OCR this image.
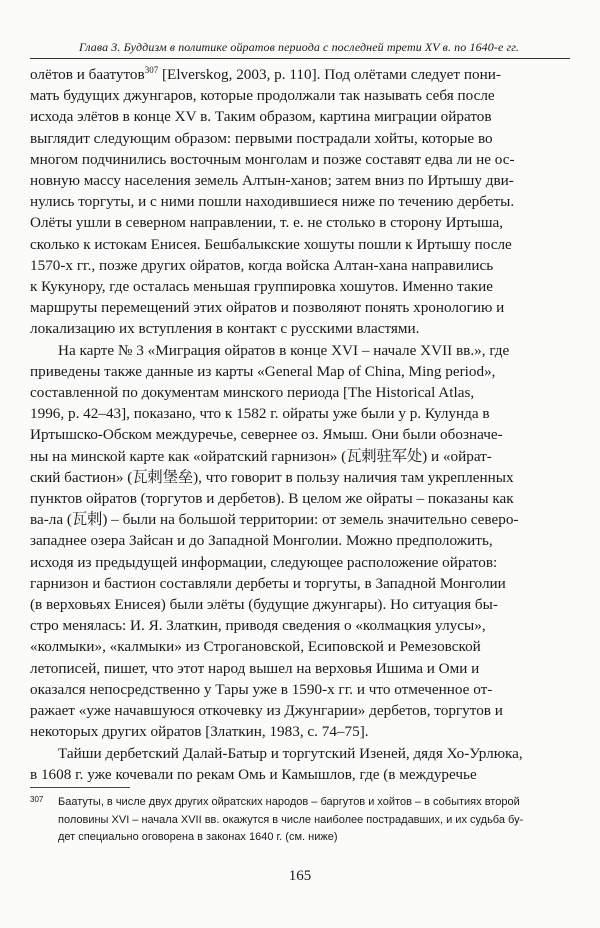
Глава 3. Буддизм в политике ойратов периода с последней трети XV в. по 1640-е гг.

олётов и баатутов$^{307}$ [Elverskog, 2003, p. 110]. Под олётами следует пони-
мать будущих джунгаров, которые продолжали так называть себя после
исхода элётов в конце XV в. Таким образом, картина миграции ойратов
выглядит следующим образом: первыми пострадали хойты, которые во
многом подчинились восточным монголам и позже составят едва ли не ос-
новную массу населения земель Алтын-ханов; затем вниз по Иртышу дви-
нулись торгуты, и с ними пошли находившиеся ниже по течению дербеты.
Олёты ушли в северном направлении, т. е. не столько в сторону Иртыша,
сколько к истокам Енисея. Бешбалыкские хошуты пошли к Иртышу после
1570-х гг., позже других ойратов, когда войска Алтан-хана направились
к Кукунору, где осталась меньшая группировка хошутов. Именно такие
маршруты перемещений этих ойратов и позволяют понять хронологию и
локализацию их вступления в контакт с русскими властями.

На карте № 3 «Миграция ойратов в конце XVI – начале XVII вв.», где
приведены также данные из карты «General Map of China, Ming period»,
составленной по документам минского периода [The Historical Atlas,
1996, p. 42–43], показано, что к 1582 г. ойраты уже были у р. Кулунда в
Иртышско-Обском междуречье, севернее оз. Ямыш. Они были обозначе-
ны на минской карте как «ойратский гарнизон» (瓦剌驻军处) и «ойрат-
ский бастион» (瓦剌堡垒), что говорит в пользу наличия там укрепленных
пунктов ойратов (торгутов и дербетов). В целом же ойраты – показаны как
ва-ла (瓦剌) – были на большой территории: от земель значительно северо-
западнее озера Зайсан и до Западной Монголии. Можно предположить,
исходя из предыдущей информации, следующее расположение ойратов:
гарнизон и бастион составляли дербеты и торгуты, в Западной Монголии
(в верховьях Енисея) были элёты (будущие джунгары). Но ситуация бы-
стро менялась: И. Я. Златкин, приводя сведения о «колмацкия улусы»,
«колмыки», «калмыки» из Строгановской, Есиповской и Ремезовской
летописей, пишет, что этот народ вышел на верховья Ишима и Оми и
оказался непосредственно у Тары уже в 1590-х гг. и что отмеченное от-
ражает «уже начавшуюся откочевку из Джунгарии» дербетов, торгутов и
некоторых других ойратов [Златкин, 1983, с. 74–75].

Тайши дербетский Далай-Батыр и торгутский Изеней, дядя Хо-Урлюка,
в 1608 г. уже кочевали по рекам Омь и Камышлов, где (в междуречье

307	Баатуты, в числе двух других ойратских народов – баргутов и хойтов – в событиях второй
половины XVI – начала XVII вв. окажутся в числе наиболее пострадавших, и их судьба бу-
дет специально оговорена в законах 1640 г. (см. ниже)
165
